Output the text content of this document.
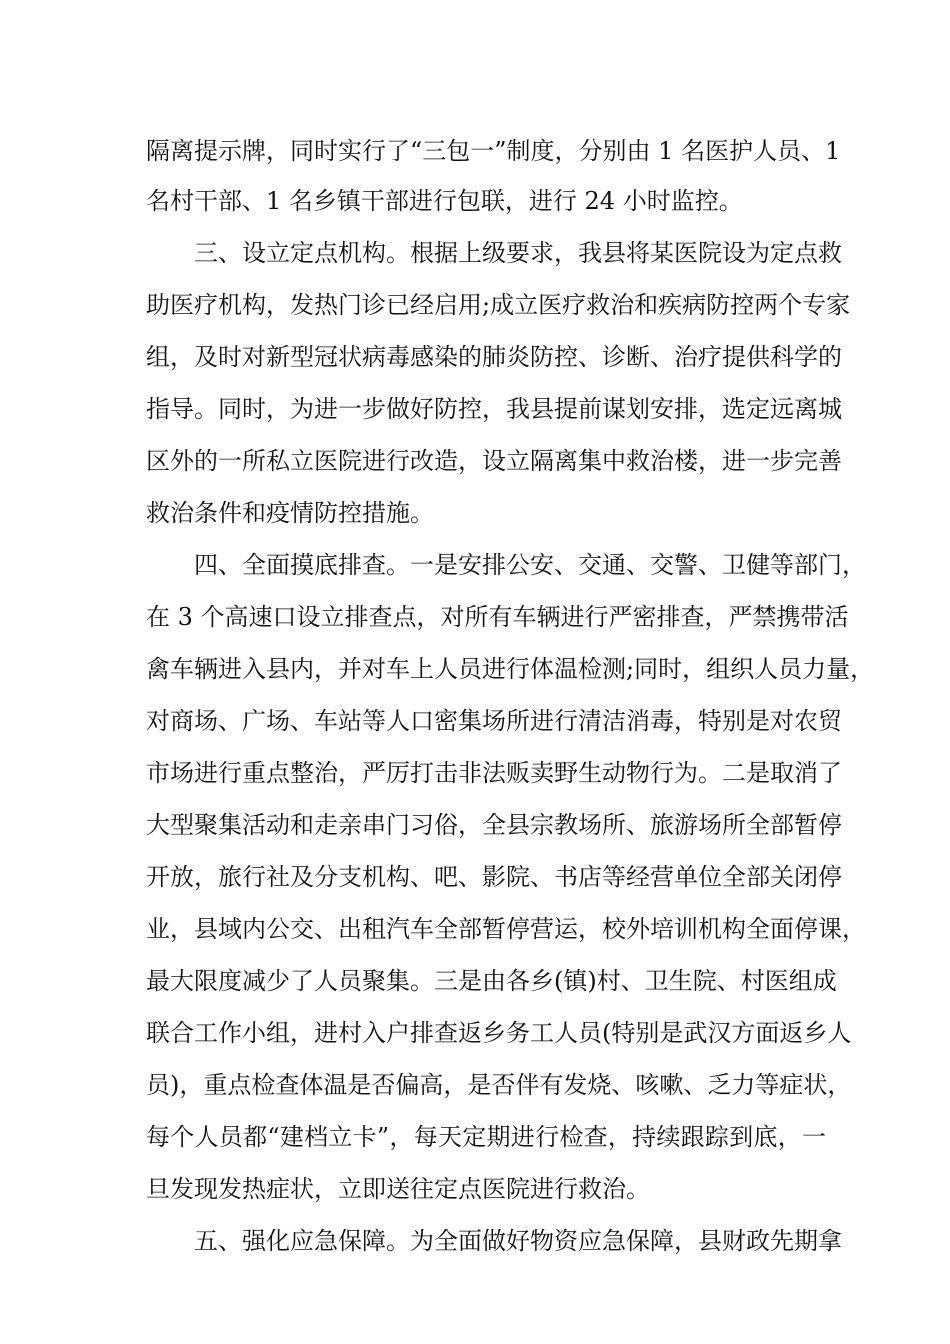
隔离提示牌，同时实行了“三包一”制度，分别由 1 名医护人员、1
名村干部、1 名乡镇干部进行包联，进行 24 小时监控。
三、设立定点机构。根据上级要求，我县将某医院设为定点救
助医疗机构，发热门诊已经启用;成立医疗救治和疾病防控两个专家
组，及时对新型冠状病毒感染的肺炎防控、诊断、治疗提供科学的
指导。同时，为进一步做好防控，我县提前谋划安排，选定远离城
区外的一所私立医院进行改造，设立隔离集中救治楼，进一步完善
救治条件和疫情防控措施。
四、全面摸底排查。一是安排公安、交通、交警、卫健等部门，
在 3 个高速口设立排查点，对所有车辆进行严密排查，严禁携带活
禽车辆进入县内，并对车上人员进行体温检测;同时，组织人员力量，
对商场、广场、车站等人口密集场所进行清洁消毒，特别是对农贸
市场进行重点整治，严厉打击非法贩卖野生动物行为。二是取消了
大型聚集活动和走亲串门习俗，全县宗教场所、旅游场所全部暂停
开放，旅行社及分支机构、吧、影院、书店等经营单位全部关闭停
业，县域内公交、出租汽车全部暂停营运，校外培训机构全面停课，
最大限度减少了人员聚集。三是由各乡(镇)村、卫生院、村医组成
联合工作小组，进村入户排查返乡务工人员(特别是武汉方面返乡人
员)，重点检查体温是否偏高，是否伴有发烧、咳嗽、乏力等症状，
每个人员都“建档立卡”，每天定期进行检查，持续跟踪到底，一
旦发现发热症状，立即送往定点医院进行救治。
五、强化应急保障。为全面做好物资应急保障，县财政先期拿
